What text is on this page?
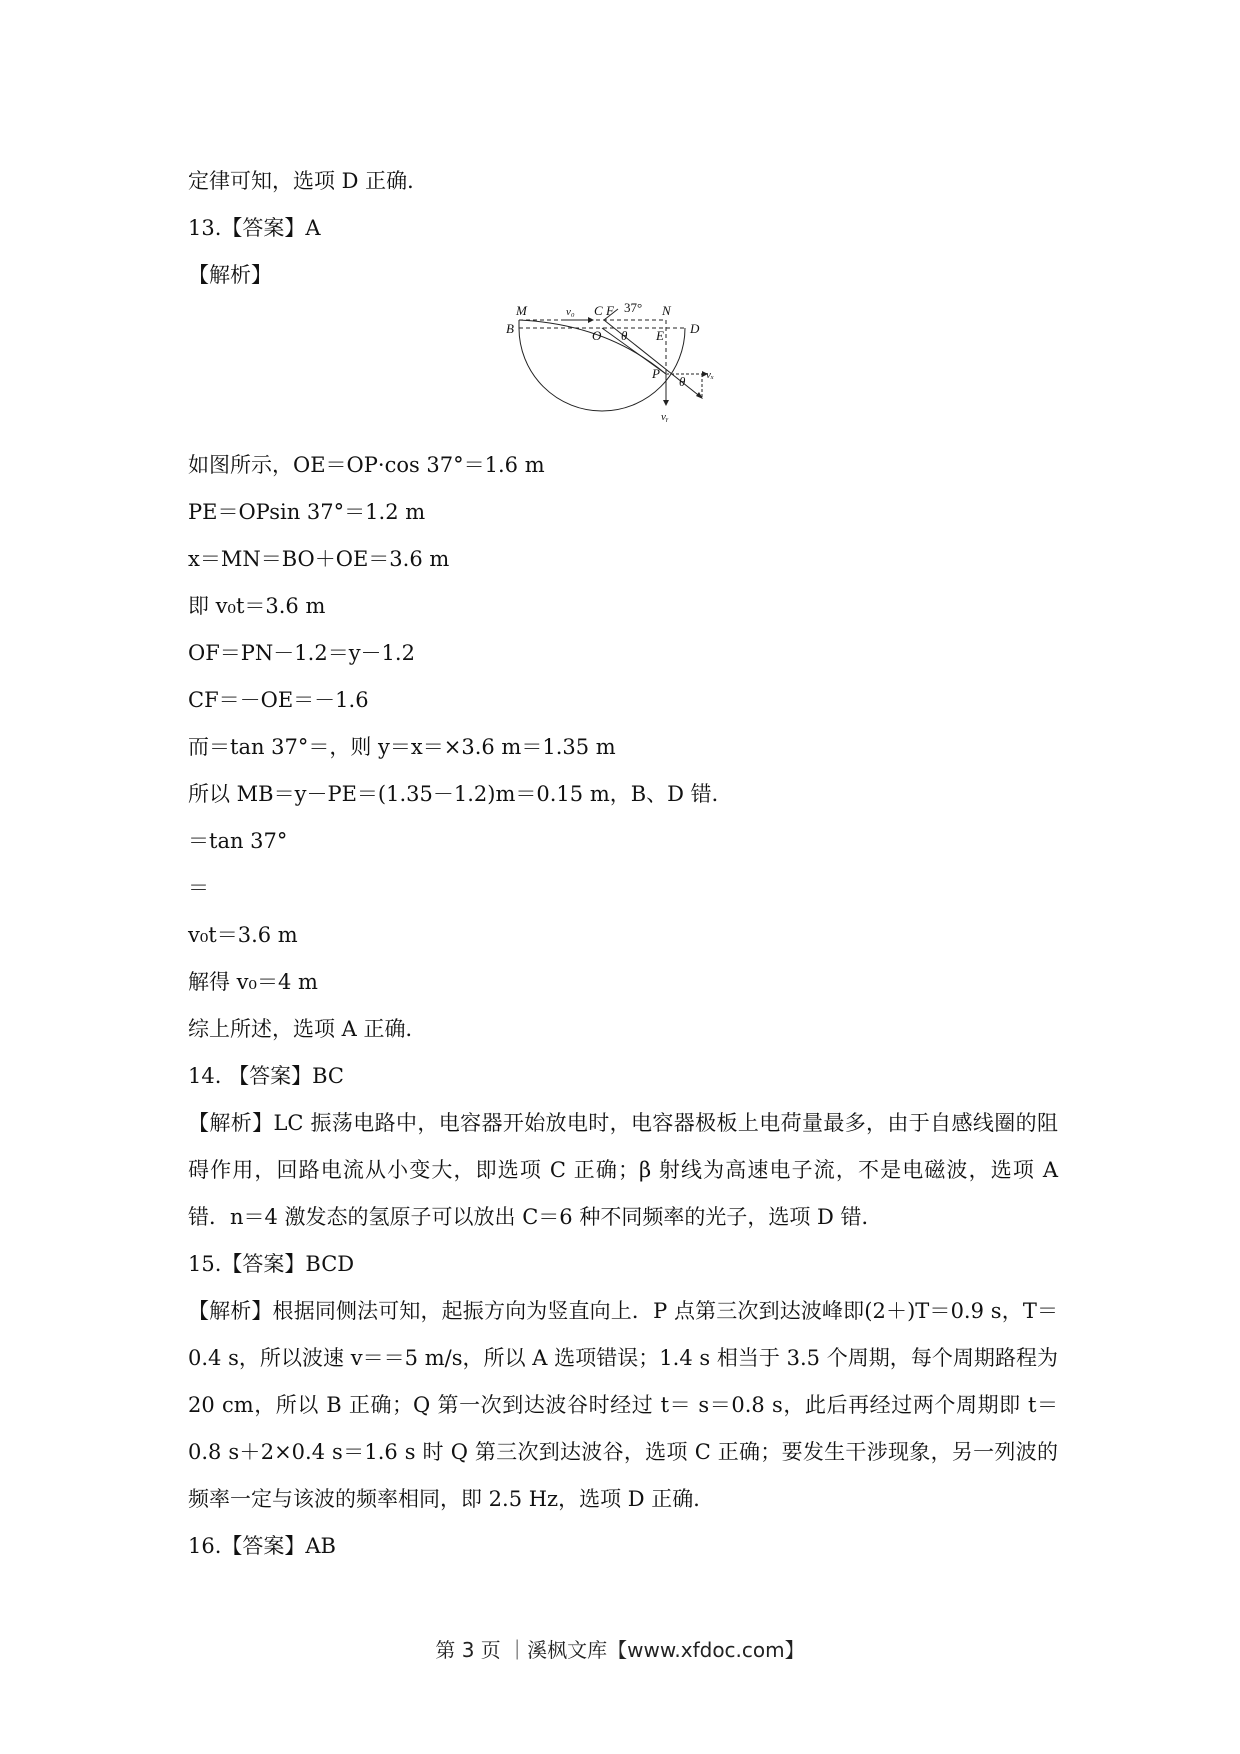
定律可知，选项 D 正确．

13.【答案】A

【解析】

M	v₀ C F 37° N
B	O θ E D
P
θ vₓ
vᵧ

如图所示，OE＝OP·cos 37°＝1.6 m

PE＝OPsin 37°＝1.2 m

x＝MN＝BO＋OE＝3.6 m

即 v₀t＝3.6 m

OF＝PN－1.2＝y－1.2

CF＝－OE＝－1.6

而＝tan 37°＝，则 y＝x＝×3.6 m＝1.35 m

所以 MB＝y－PE＝(1.35－1.2)m＝0.15 m，B、D 错．

＝tan 37°

＝

v₀t＝3.6 m

解得 v₀＝4 m

综上所述，选项 A 正确．

14. 【答案】BC

【解析】LC 振荡电路中，电容器开始放电时，电容器极板上电荷量最多，由于自感线圈的阻碍作用，回路电流从小变大，即选项 C 正确；β 射线为高速电子流，不是电磁波，选项 A 错．n＝4 激发态的氢原子可以放出 C＝6 种不同频率的光子，选项 D 错．

15.【答案】BCD

【解析】根据同侧法可知，起振方向为竖直向上．P 点第三次到达波峰即(2＋)T＝0.9 s，T＝0.4 s，所以波速 v＝＝5 m/s，所以 A 选项错误；1.4 s 相当于 3.5 个周期，每个周期路程为 20 cm，所以 B 正确；Q 第一次到达波谷时经过 t＝ s＝0.8 s，此后再经过两个周期即 t＝0.8 s＋2×0.4 s＝1.6 s 时 Q 第三次到达波谷，选项 C 正确；要发生干涉现象，另一列波的频率一定与该波的频率相同，即 2.5 Hz，选项 D 正确．

16.【答案】AB

第 3 页 ｜溪枫文库【www.xfdoc.com】
